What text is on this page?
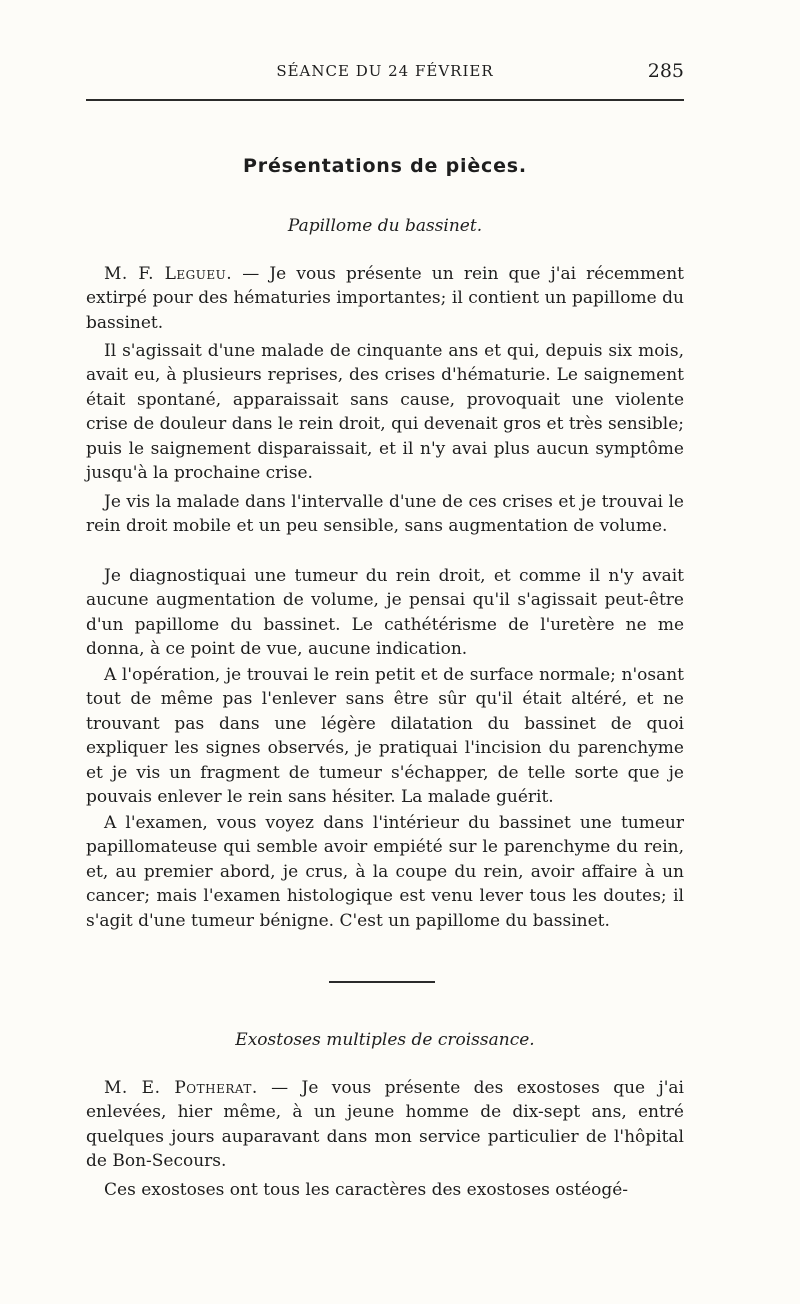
SÉANCE DU 24 FÉVRIER	285
Présentations de pièces.
Papillome du bassinet.

M. F. Legueu. — Je vous présente un rein que j'ai récemment extirpé pour des hématuries importantes; il contient un papillome du bassinet.

Il s'agissait d'une malade de cinquante ans et qui, depuis six mois, avait eu, à plusieurs reprises, des crises d'hématurie. Le saignement était spontané, apparaissait sans cause, provoquait une violente crise de douleur dans le rein droit, qui devenait gros et très sensible; puis le saignement disparaissait, et il n'y avai plus aucun symptôme jusqu'à la prochaine crise.

Je vis la malade dans l'intervalle d'une de ces crises et je trouvai le rein droit mobile et un peu sensible, sans augmentation de volume.

Je diagnostiquai une tumeur du rein droit, et comme il n'y avait aucune augmentation de volume, je pensai qu'il s'agissait peut-être d'un papillome du bassinet. Le cathétérisme de l'uretère ne me donna, à ce point de vue, aucune indication.

A l'opération, je trouvai le rein petit et de surface normale; n'osant tout de même pas l'enlever sans être sûr qu'il était altéré, et ne trouvant pas dans une légère dilatation du bassinet de quoi expliquer les signes observés, je pratiquai l'incision du parenchyme et je vis un fragment de tumeur s'échapper, de telle sorte que je pouvais enlever le rein sans hésiter. La malade guérit.

A l'examen, vous voyez dans l'intérieur du bassinet une tumeur papillomateuse qui semble avoir empiété sur le parenchyme du rein, et, au premier abord, je crus, à la coupe du rein, avoir affaire à un cancer; mais l'examen histologique est venu lever tous les doutes; il s'agit d'une tumeur bénigne. C'est un papillome du bassinet.

Exostoses multiples de croissance.

M. E. Potherat. — Je vous présente des exostoses que j'ai enlevées, hier même, à un jeune homme de dix-sept ans, entré quelques jours auparavant dans mon service particulier de l'hôpital de Bon-Secours.

Ces exostoses ont tous les caractères des exostoses ostéogé-
